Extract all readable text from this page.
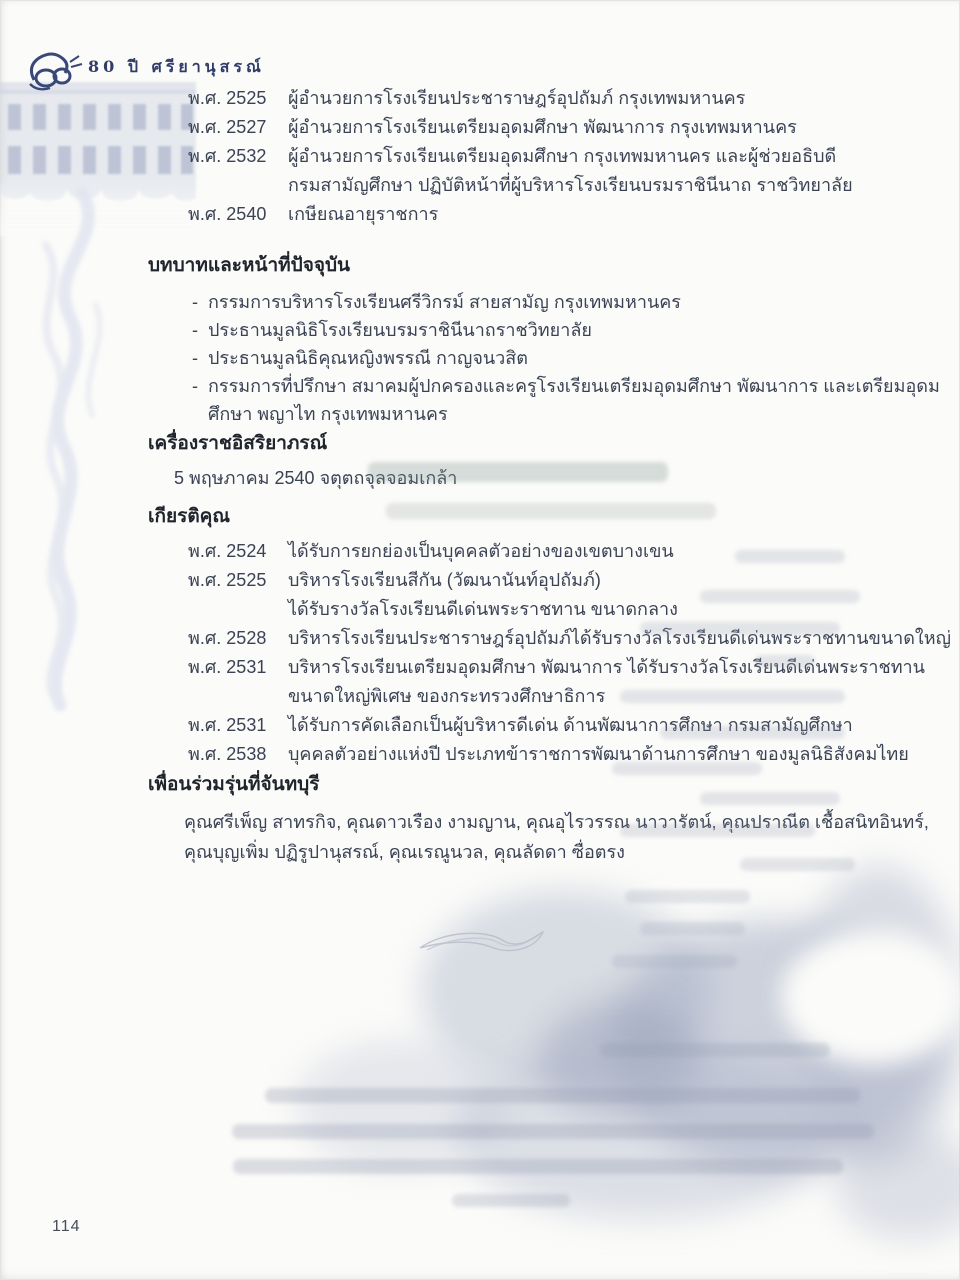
80 ปี ศรียานุสรณ์
พ.ศ. 2525	ผู้อำนวยการโรงเรียนประชาราษฎร์อุปถัมภ์ กรุงเทพมหานคร
พ.ศ. 2527	ผู้อำนวยการโรงเรียนเตรียมอุดมศึกษา พัฒนาการ กรุงเทพมหานคร
พ.ศ. 2532	ผู้อำนวยการโรงเรียนเตรียมอุดมศึกษา กรุงเทพมหานคร และผู้ช่วยอธิบดี
กรมสามัญศึกษา ปฏิบัติหน้าที่ผู้บริหารโรงเรียนบรมราชินีนาถ ราชวิทยาลัย
พ.ศ. 2540	เกษียณอายุราชการ
บทบาทและหน้าที่ปัจจุบัน
- กรรมการบริหารโรงเรียนศรีวิกรม์ สายสามัญ กรุงเทพมหานคร
- ประธานมูลนิธิโรงเรียนบรมราชินีนาถราชวิทยาลัย
- ประธานมูลนิธิคุณหญิงพรรณี กาญจนวสิต
- กรรมการที่ปรึกษา สมาคมผู้ปกครองและครูโรงเรียนเตรียมอุดมศึกษา พัฒนาการ และเตรียมอุดม
ศึกษา พญาไท กรุงเทพมหานคร
เครื่องราชอิสริยาภรณ์
5 พฤษภาคม 2540 จตุตถจุลจอมเกล้า
เกียรติคุณ
พ.ศ. 2524	ได้รับการยกย่องเป็นบุคคลตัวอย่างของเขตบางเขน
พ.ศ. 2525	บริหารโรงเรียนสีกัน (วัฒนานันท์อุปถัมภ์)
ได้รับรางวัลโรงเรียนดีเด่นพระราชทาน ขนาดกลาง
พ.ศ. 2528	บริหารโรงเรียนประชาราษฎร์อุปถัมภ์ได้รับรางวัลโรงเรียนดีเด่นพระราชทานขนาดใหญ่
พ.ศ. 2531	บริหารโรงเรียนเตรียมอุดมศึกษา พัฒนาการ ได้รับรางวัลโรงเรียนดีเด่นพระราชทาน
ขนาดใหญ่พิเศษ ของกระทรวงศึกษาธิการ
พ.ศ. 2531	ได้รับการคัดเลือกเป็นผู้บริหารดีเด่น ด้านพัฒนาการศึกษา กรมสามัญศึกษา
พ.ศ. 2538	บุคคลตัวอย่างแห่งปี ประเภทข้าราชการพัฒนาด้านการศึกษา ของมูลนิธิสังคมไทย
เพื่อนร่วมรุ่นที่จันทบุรี
คุณศรีเพ็ญ สาทรกิจ, คุณดาวเรือง งามญาน, คุณอุไรวรรณ นาวารัตน์, คุณปราณีต เชื้อสนิทอินทร์,
คุณบุญเพิ่ม ปฏิรูปานุสรณ์, คุณเรณูนวล, คุณลัดดา ซื่อตรง
114
